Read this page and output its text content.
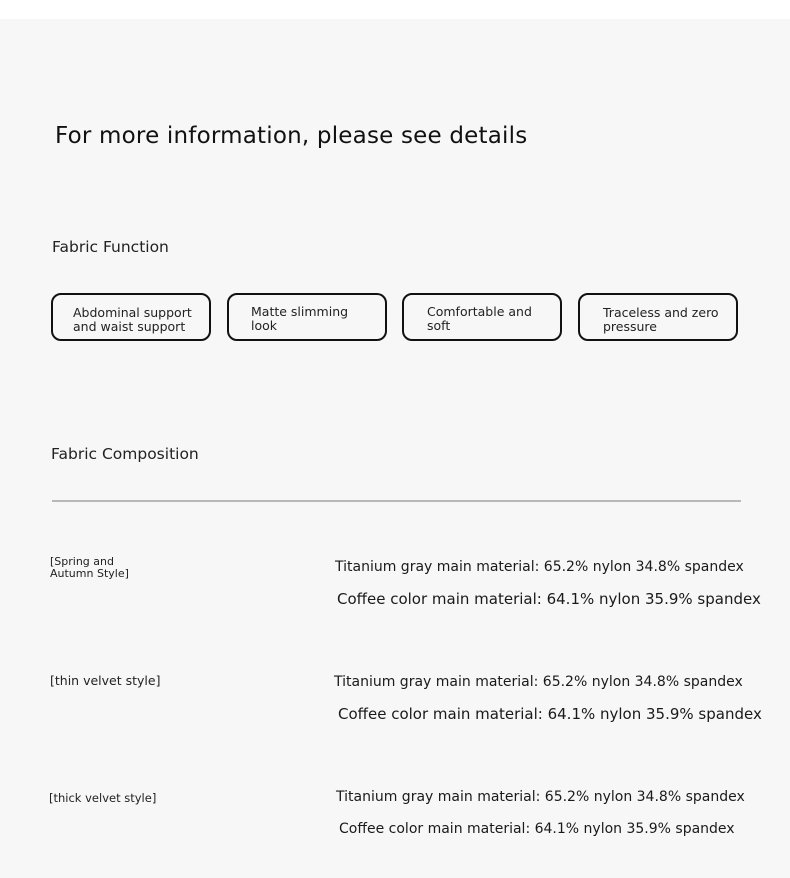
For more information, please see details
Fabric Function
Abdominal support and waist support
Matte slimming look
Comfortable and soft
Traceless and zero pressure
Fabric Composition
[Spring and Autumn Style]	Titanium gray main material: 65.2% nylon 34.8% spandex
Coffee color main material: 64.1% nylon 35.9% spandex
[thin velvet style]	Titanium gray main material: 65.2% nylon 34.8% spandex
Coffee color main material: 64.1% nylon 35.9% spandex
[thick velvet style]	Titanium gray main material: 65.2% nylon 34.8% spandex
Coffee color main material: 64.1% nylon 35.9% spandex
